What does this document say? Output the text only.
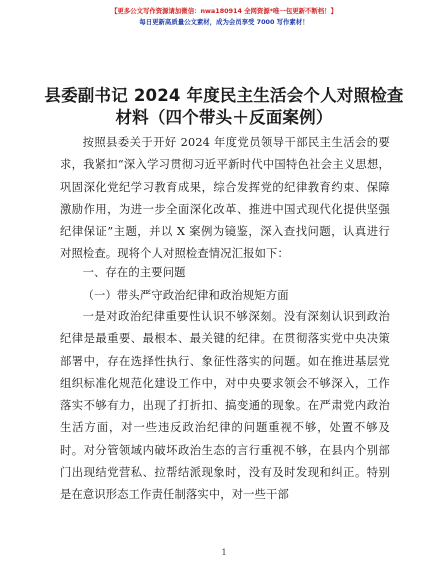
【更多公文写作资源请加微信：nwa180914 全网资源*唯一包更新不断档！】
每日更新高质量公文素材，成为会员享受 7000 写作素材！
县委副书记 2024 年度民主生活会个人对照检查
材料（四个带头＋反面案例）
按照县委关于开好 2024 年度党员领导干部民主生活会的要求，我紧扣“深入学习贯彻习近平新时代中国特色社会主义思想，巩固深化党纪学习教育成果，综合发挥党的纪律教育约束、保障激励作用，为进一步全面深化改革、推进中国式现代化提供坚强纪律保证”主题，并以 X 案例为镜鉴，深入查找问题，认真进行对照检查。现将个人对照检查情况汇报如下：
一、存在的主要问题
（一）带头严守政治纪律和政治规矩方面
一是对政治纪律重要性认识不够深刻。没有深刻认识到政治纪律是最重要、最根本、最关键的纪律。在贯彻落实党中央决策部署中，存在选择性执行、象征性落实的问题。如在推进基层党组织标准化规范化建设工作中，对中央要求领会不够深入，工作落实不够有力，出现了打折扣、搞变通的现象。在严肃党内政治生活方面，对一些违反政治纪律的问题重视不够，处置不够及时。对分管领域内破坏政治生态的言行重视不够，在县内个别部门出现结党营私、拉帮结派现象时，没有及时发现和纠正。特别是在意识形态工作责任制落实中，对一些干部
1
